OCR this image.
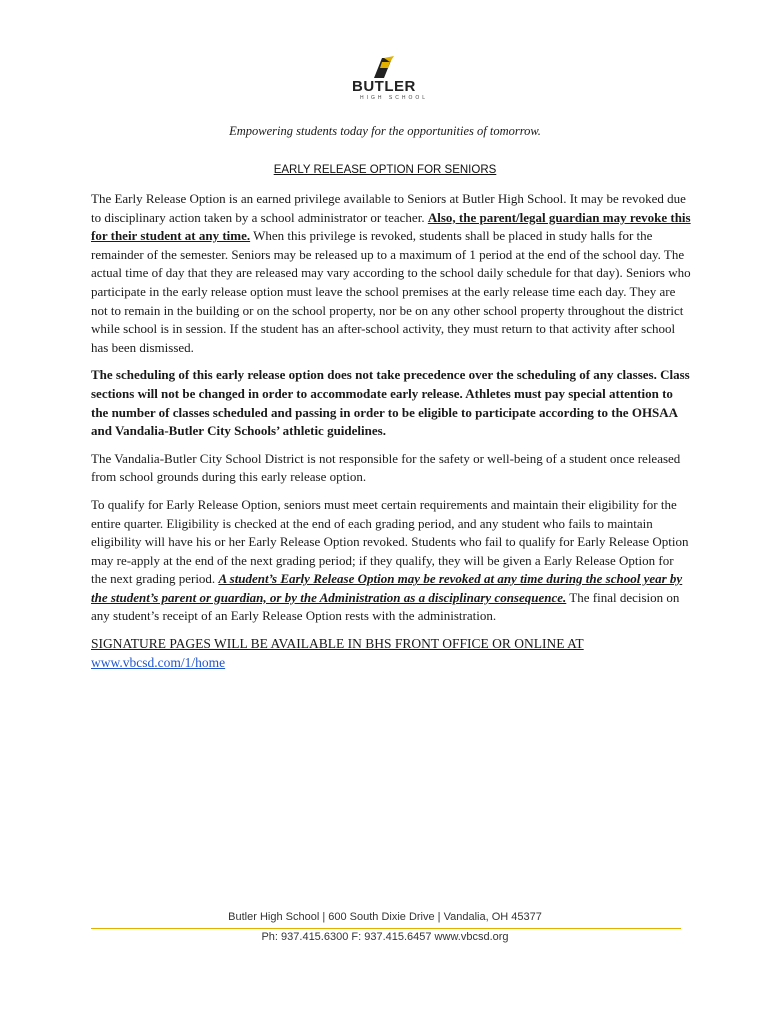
BUTLER
HIGH SCHOOL
Empowering students today for the opportunities of tomorrow.
EARLY RELEASE OPTION FOR SENIORS

The Early Release Option is an earned privilege available to Seniors at Butler High School. It may be revoked due to disciplinary action taken by a school administrator or teacher. Also, the parent/legal guardian may revoke this for their student at any time. When this privilege is revoked, students shall be placed in study halls for the remainder of the semester. Seniors may be released up to a maximum of 1 period at the end of the school day. The actual time of day that they are released may vary according to the school daily schedule for that day). Seniors who participate in the early release option must leave the school premises at the early release time each day. They are not to remain in the building or on the school property, nor be on any other school property throughout the district while school is in session. If the student has an after-school activity, they must return to that activity after school has been dismissed.

The scheduling of this early release option does not take precedence over the scheduling of any classes. Class sections will not be changed in order to accommodate early release. Athletes must pay special attention to the number of classes scheduled and passing in order to be eligible to participate according to the OHSAA and Vandalia-Butler City Schools’ athletic guidelines.

The Vandalia-Butler City School District is not responsible for the safety or well-being of a student once released from school grounds during this early release option.

To qualify for Early Release Option, seniors must meet certain requirements and maintain their eligibility for the entire quarter. Eligibility is checked at the end of each grading period, and any student who fails to maintain eligibility will have his or her Early Release Option revoked. Students who fail to qualify for Early Release Option may re-apply at the end of the next grading period; if they qualify, they will be given a Early Release Option for the next grading period. A student’s Early Release Option may be revoked at any time during the school year by the student’s parent or guardian, or by the Administration as a disciplinary consequence. The final decision on any student’s receipt of an Early Release Option rests with the administration.

SIGNATURE PAGES WILL BE AVAILABLE IN BHS FRONT OFFICE OR ONLINE AT
www.vbcsd.com/1/home

Butler High School | 600 South Dixie Drive | Vandalia, OH 45377
Ph: 937.415.6300 F: 937.415.6457 www.vbcsd.org
